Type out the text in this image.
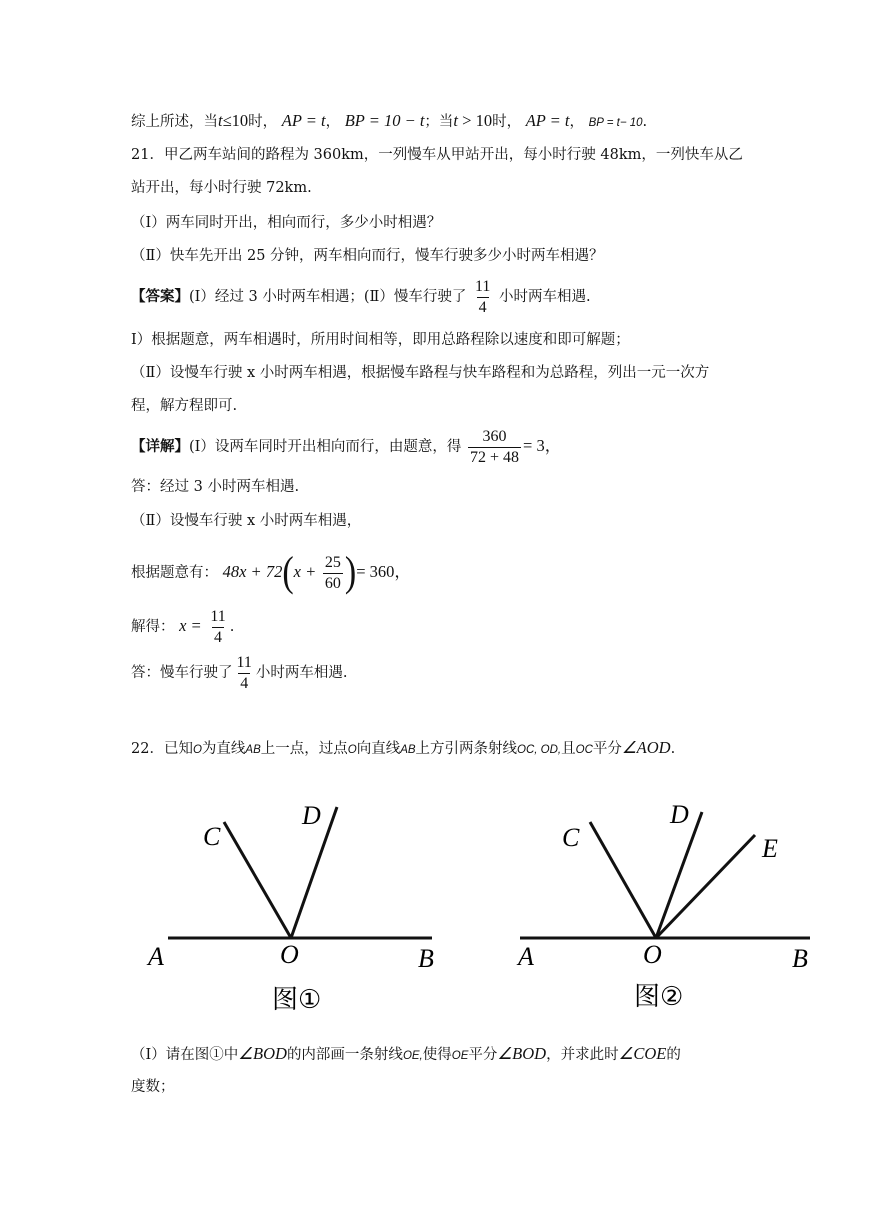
综上所述，当t≤10时， AP = t， BP = 10 − t；当t > 10时， AP = t， BP = t− 10.
21．甲乙两车站间的路程为 360km，一列慢车从甲站开出，每小时行驶 48km，一列快车从乙
站开出，每小时行驶 72km.
（Ⅰ）两车同时开出，相向而行，多少小时相遇？
（Ⅱ）快车先开出 25 分钟，两车相向而行，慢车行驶多少小时两车相遇？
【答案】(Ⅰ）经过 3 小时两车相遇；(Ⅱ）慢车行驶了 $\frac{11}{4}$ 小时两车相遇.
Ⅰ）根据题意，两车相遇时，所用时间相等，即用总路程除以速度和即可解题；
（Ⅱ）设慢车行驶 x 小时两车相遇，根据慢车路程与快车路程和为总路程，列出一元一次方
程，解方程即可.
【详解】(Ⅰ）设两车同时开出相向而行，由题意，得 $\frac{360}{72 + 48} = 3$，
答：经过 3 小时两车相遇.
（Ⅱ）设慢车行驶 x 小时两车相遇，
根据题意有： $48x + 72(x + \frac{25}{60}$ )= 360，
解得： $x = \frac{11}{4}$ .
答：慢车行驶了 $\frac{11}{4}$ 小时两车相遇.
22．已知O为直线AB上一点，过点O向直线AB上方引两条射线OC, OD,且OC平分∠AOD.
C
D
A	O	B
图①
C
D
E
A	O	B
图②
（Ⅰ）请在图①中∠BOD的内部画一条射线OE,使得OE平分∠BOD，并求此时∠COE的
度数；
